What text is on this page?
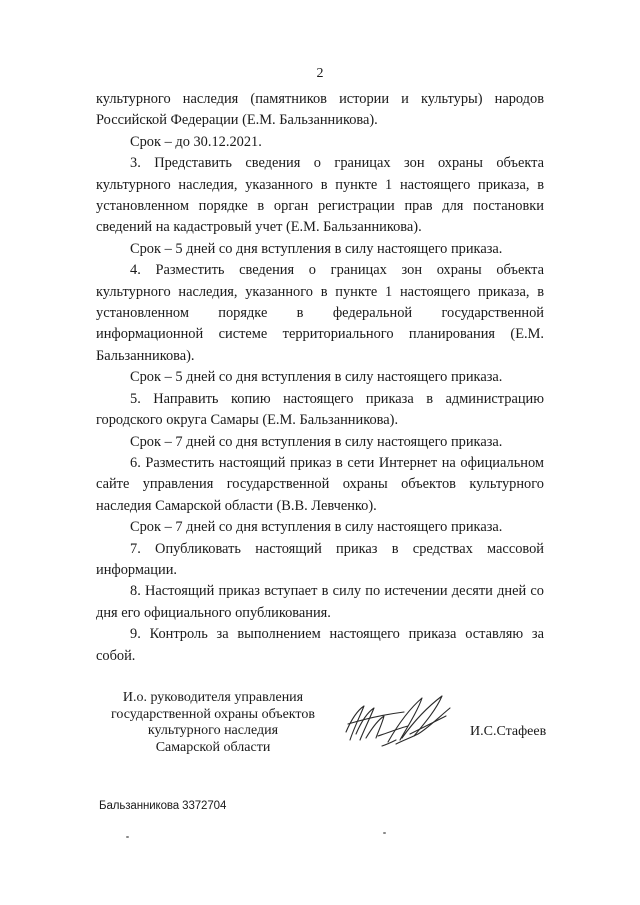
2

культурного наследия (памятников истории и культуры) народов Российской Федерации (Е.М. Бальзанникова).

Срок – до 30.12.2021.

3. Представить сведения о границах зон охраны объекта культурного наследия, указанного в пункте 1 настоящего приказа, в установленном порядке в орган регистрации прав для постановки сведений на кадастровый учет (Е.М. Бальзанникова).

Срок – 5 дней со дня вступления в силу настоящего приказа.

4. Разместить сведения о границах зон охраны объекта культурного наследия, указанного в пункте 1 настоящего приказа, в установленном порядке в федеральной государственной информационной системе территориального планирования (Е.М. Бальзанникова).

Срок – 5 дней со дня вступления в силу настоящего приказа.

5. Направить копию настоящего приказа в администрацию городского округа Самары (Е.М. Бальзанникова).

Срок – 7 дней со дня вступления в силу настоящего приказа.

6. Разместить настоящий приказ в сети Интернет на официальном сайте управления государственной охраны объектов культурного наследия Самарской области (В.В. Левченко).

Срок – 7 дней со дня вступления в силу настоящего приказа.

7. Опубликовать настоящий приказ в средствах массовой информации.

8. Настоящий приказ вступает в силу по истечении десяти дней со дня его официального опубликования.

9. Контроль за выполнением настоящего приказа оставляю за собой.

И.о. руководителя управления
государственной охраны объектов
культурного наследия
Самарской области
И.С.Стафеев
Бальзанникова 3372704
